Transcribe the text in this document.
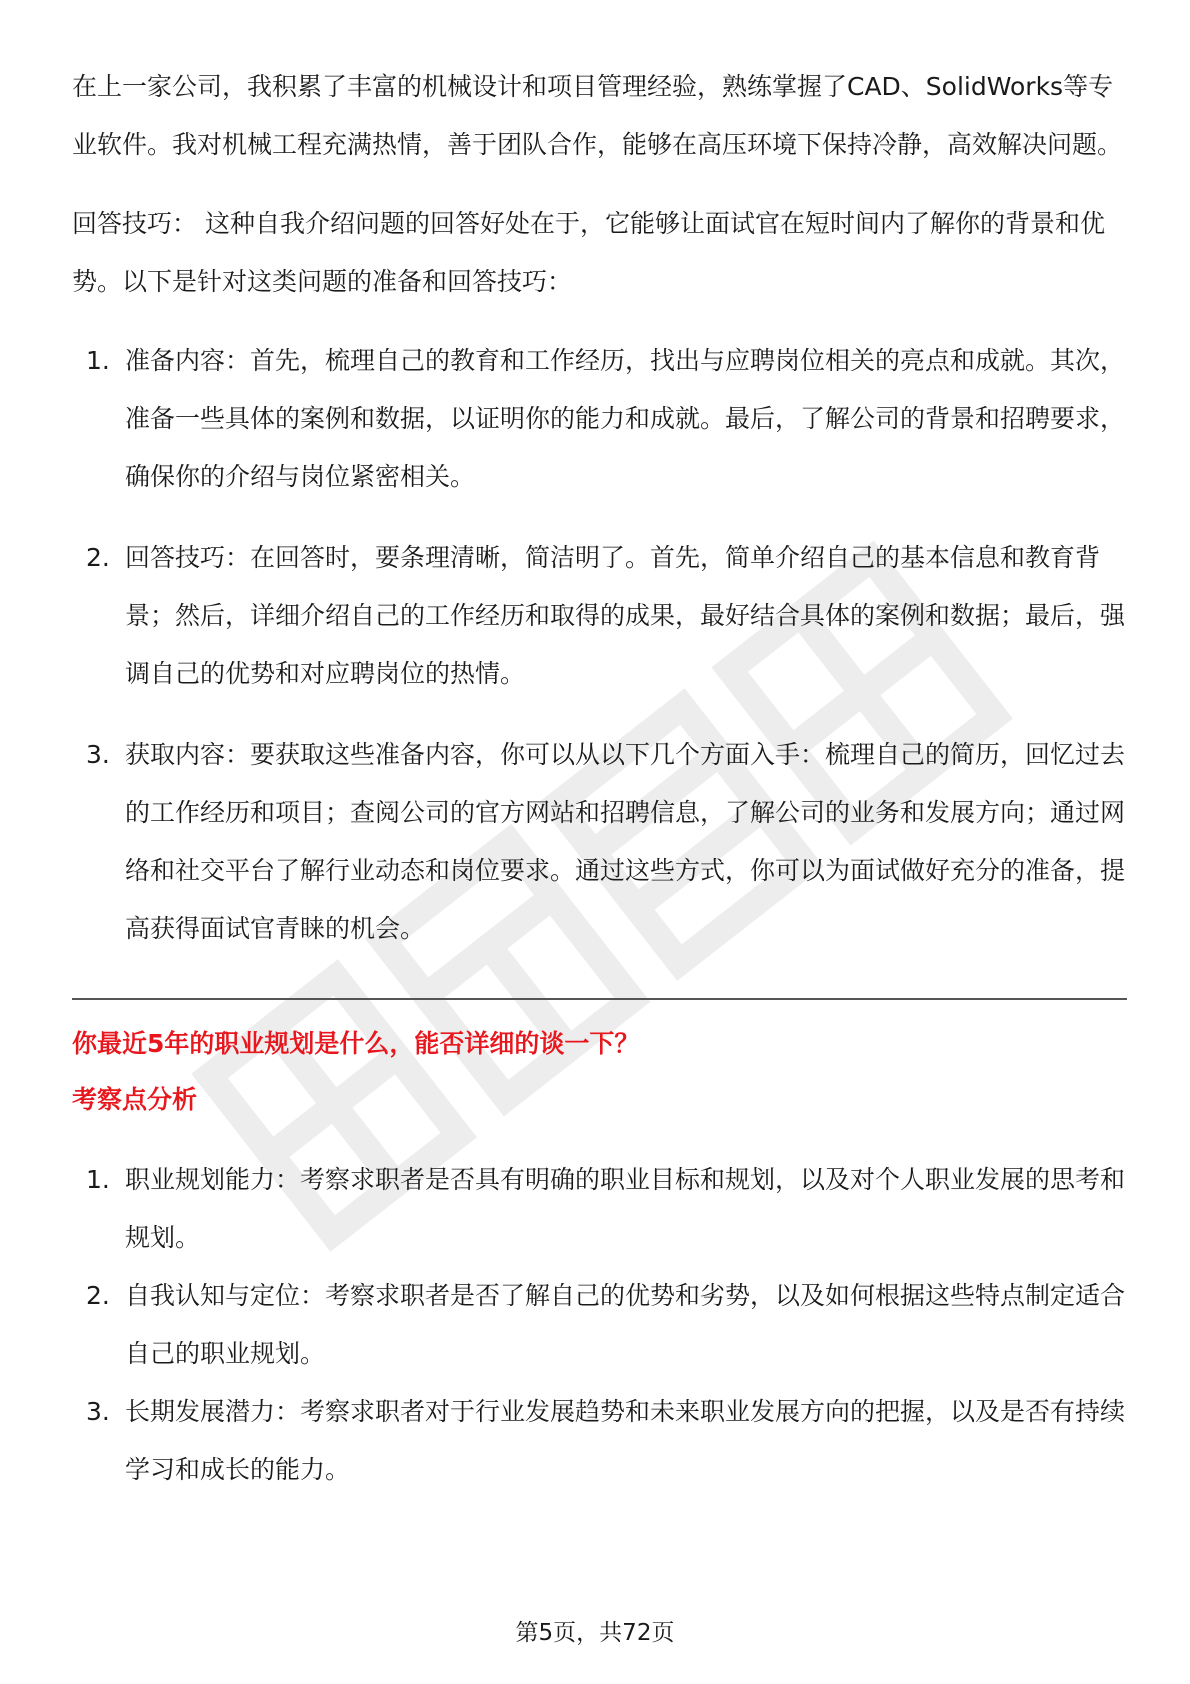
在上一家公司，我积累了丰富的机械设计和项目管理经验，熟练掌握了CAD、SolidWorks等专业软件。我对机械工程充满热情，善于团队合作，能够在高压环境下保持冷静，高效解决问题。

回答技巧： 这种自我介绍问题的回答好处在于，它能够让面试官在短时间内了解你的背景和优势。以下是针对这类问题的准备和回答技巧：

1. 准备内容：首先，梳理自己的教育和工作经历，找出与应聘岗位相关的亮点和成就。其次，准备一些具体的案例和数据，以证明你的能力和成就。最后，了解公司的背景和招聘要求，确保你的介绍与岗位紧密相关。
2. 回答技巧：在回答时，要条理清晰，简洁明了。首先，简单介绍自己的基本信息和教育背景；然后，详细介绍自己的工作经历和取得的成果，最好结合具体的案例和数据；最后，强调自己的优势和对应聘岗位的热情。
3. 获取内容：要获取这些准备内容，你可以从以下几个方面入手：梳理自己的简历，回忆过去的工作经历和项目；查阅公司的官方网站和招聘信息，了解公司的业务和发展方向；通过网络和社交平台了解行业动态和岗位要求。通过这些方式，你可以为面试做好充分的准备，提高获得面试官青睐的机会。

你最近5年的职业规划是什么，能否详细的谈一下？

考察点分析

1. 职业规划能力：考察求职者是否具有明确的职业目标和规划，以及对个人职业发展的思考和规划。
2. 自我认知与定位：考察求职者是否了解自己的优势和劣势，以及如何根据这些特点制定适合自己的职业规划。
3. 长期发展潜力：考察求职者对于行业发展趋势和未来职业发展方向的把握，以及是否有持续学习和成长的能力。
第5页，共72页
